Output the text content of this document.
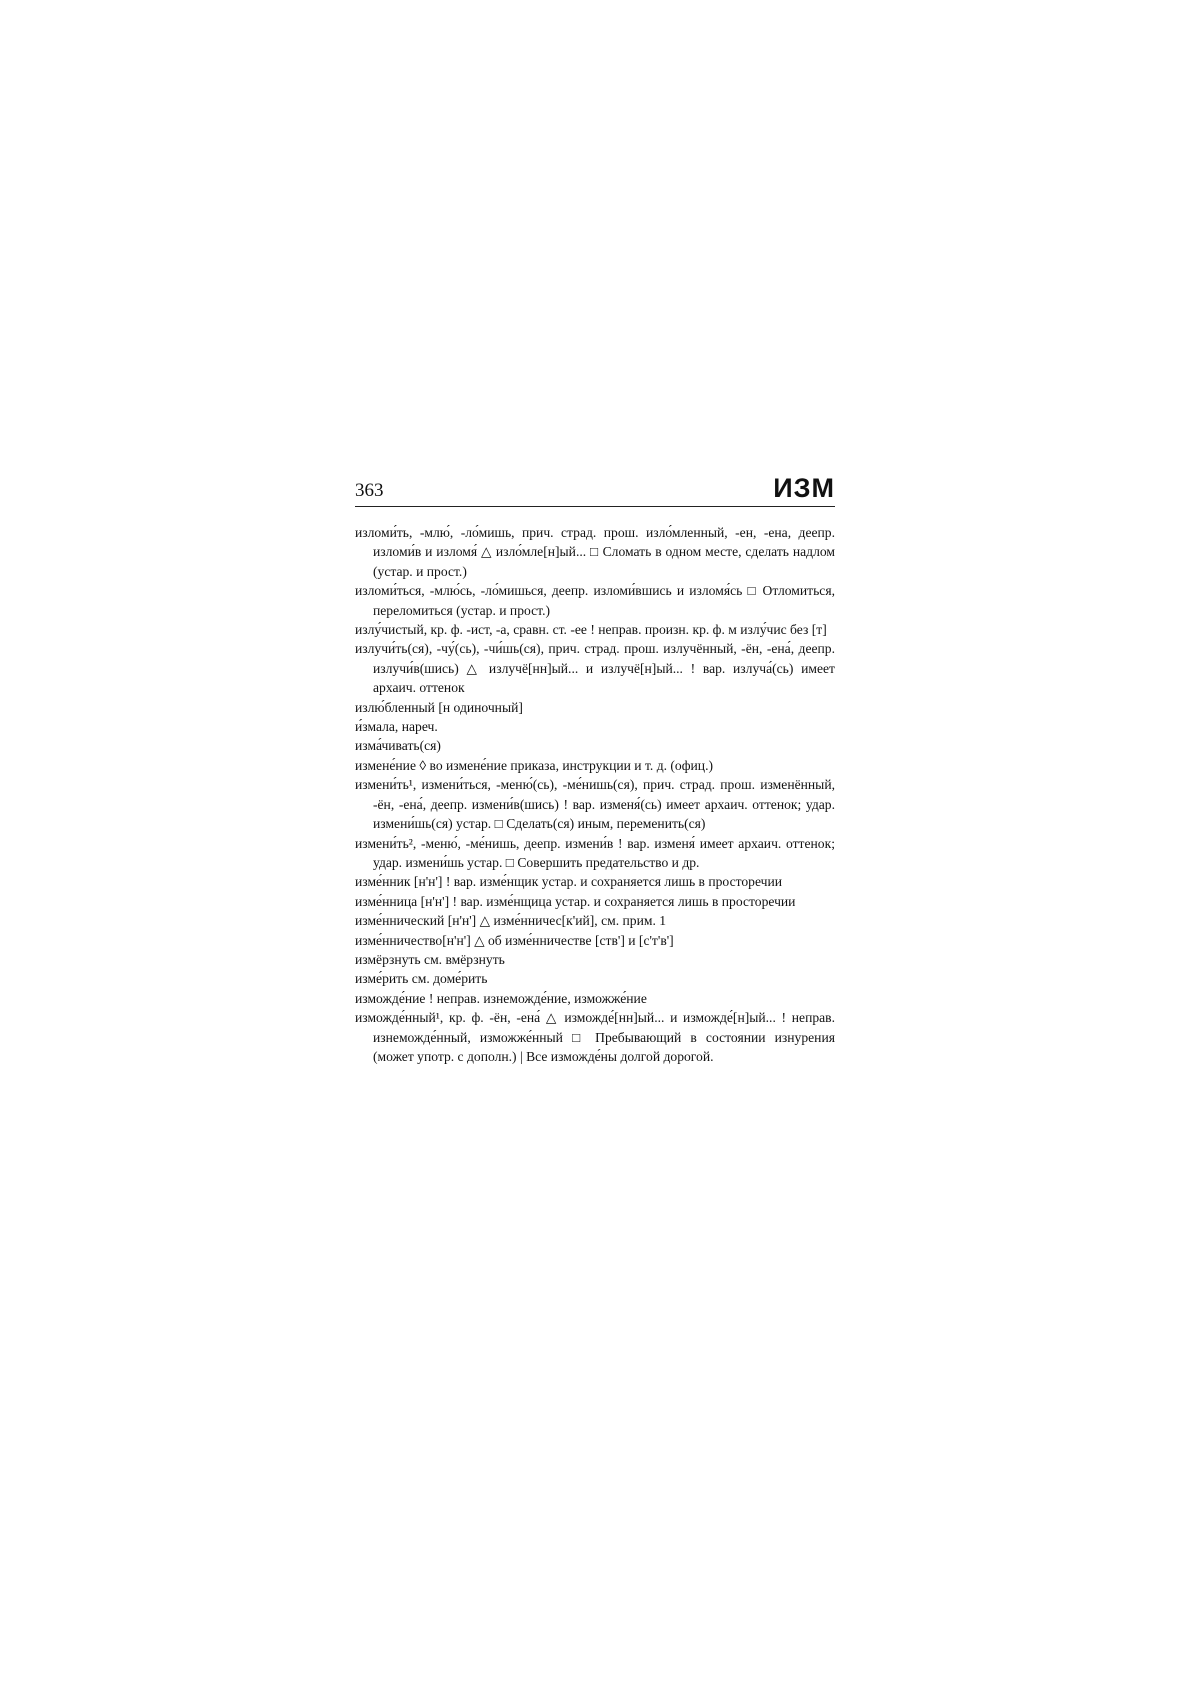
363	ИЗМ

изломи́ть, -млю́, -ло́мишь, прич. страд. прош. изло́мленный, -ен, -ена, деепр. изломи́в и изломя́ △ изло́мле[н]ый... □ Сломать в одном месте, сделать надлом (устар. и прост.)

изломи́ться, -млю́сь, -ло́мишься, деепр. изломи́вшись и изломя́сь □ Отломиться, переломиться (устар. и прост.)

излу́чистый, кр. ф. -ист, -а, сравн. ст. -ее ! неправ. произн. кр. ф. м излу́чис без [т]

излучи́ть(ся), -чу́(сь), -чи́шь(ся), прич. страд. прош. излучённый, -ён, -ена́, деепр. излучи́в(шись) △ излучё[нн]ый... и излучё[н]ый... ! вар. излуча́(сь) имеет архаич. оттенок

излю́бленный [н одиночный]

и́змала, нареч.

изма́чивать(ся)

измене́ние ◊ во измене́ние приказа, инструкции и т. д. (офиц.)

измени́ть¹, измени́ться, -меню́(сь), -ме́нишь(ся), прич. страд. прош. изменённый, -ён, -ена́, деепр. измени́в(шись) ! вар. изменя́(сь) имеет архаич. оттенок; удар. измени́шь(ся) устар. □ Сделать(ся) иным, переменить(ся)

измени́ть², -меню́, -ме́нишь, деепр. измени́в ! вар. изменя́ имеет архаич. оттенок; удар. измени́шь устар. □ Совершить предательство и др.

изме́нник [н'н'] ! вар. изме́нщик устар. и сохраняется лишь в просторечии

изме́нница [н'н'] ! вар. изме́нщица устар. и сохраняется лишь в просторечии

изме́ннический [н'н'] △ изме́нничес[к'ий], см. прим. 1

изме́нничество[н'н'] △ об изме́нничестве [ств'] и [с'т'в']

измёрзнуть см. вмёрзнуть

изме́рить см. доме́рить

изможде́ние ! неправ. изнеможде́ние, изможже́ние

изможде́нный¹, кр. ф. -ён, -ена́ △ изможде́[нн]ый... и изможде́[н]ый... ! неправ. изнеможде́нный, изможже́нный □ Пребывающий в состоянии изнурения (может употр. с дополн.) | Все изможде́ны долгой дорогой.
